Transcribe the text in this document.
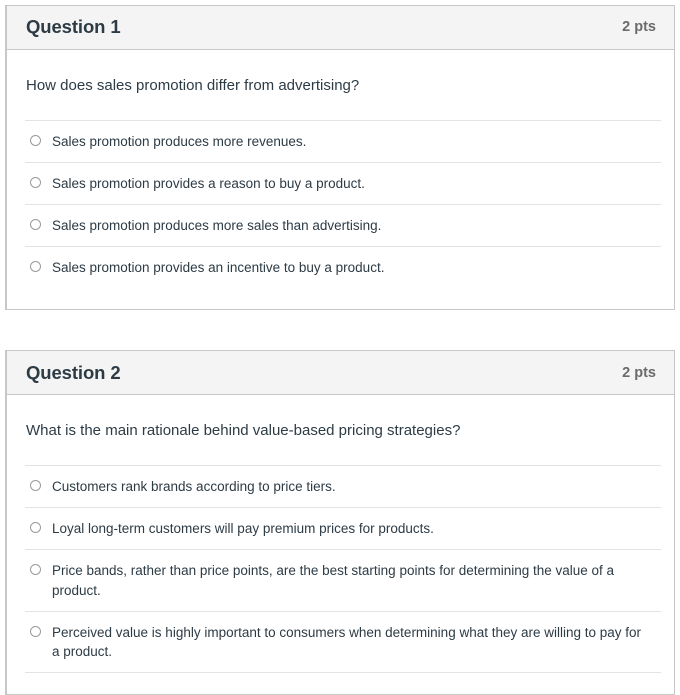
Question 1	2 pts
How does sales promotion differ from advertising?
Sales promotion produces more revenues.
Sales promotion provides a reason to buy a product.
Sales promotion produces more sales than advertising.
Sales promotion provides an incentive to buy a product.
Question 2	2 pts
What is the main rationale behind value-based pricing strategies?
Customers rank brands according to price tiers.
Loyal long-term customers will pay premium prices for products.
Price bands, rather than price points, are the best starting points for determining the value of a product.
Perceived value is highly important to consumers when determining what they are willing to pay for a product.
